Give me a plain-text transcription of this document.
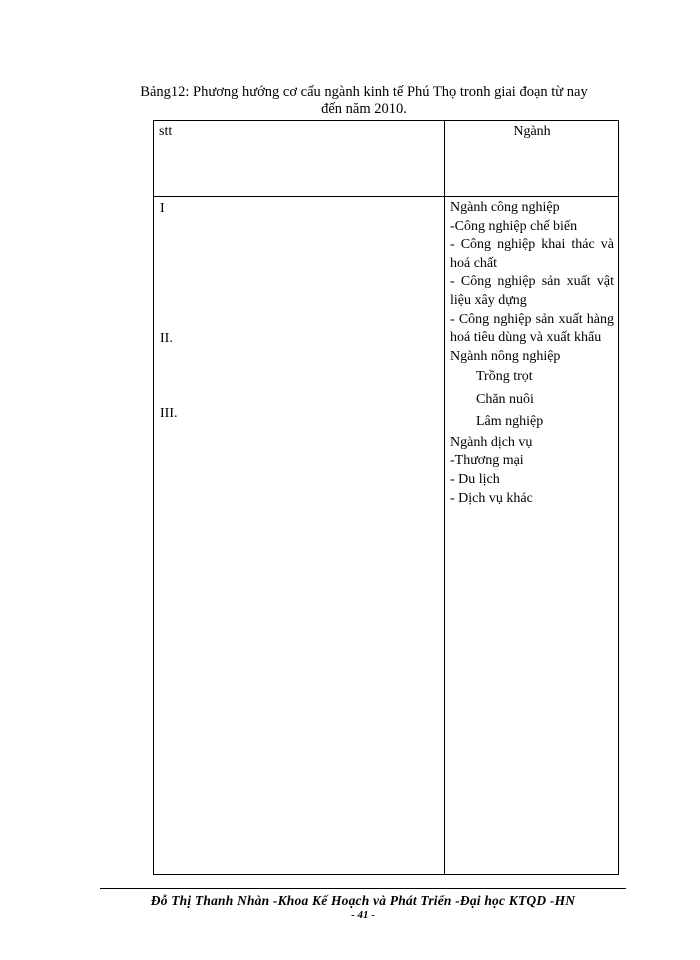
Bảng12: Phương hướng cơ cấu ngành kinh tế Phú Thọ tronh giai đoạn từ nay
đến năm 2010.
stt	Ngành
I
II.
III.
Ngành công nghiệp
-Công nghiệp chế biến
- Công nghiệp khai thác và hoá chất
- Công nghiệp sản xuất vật liệu xây dựng
- Công nghiệp sản xuất hàng hoá tiêu dùng và xuất khẩu
Ngành nông nghiệp
Trồng trọt
Chăn nuôi
Lâm nghiệp
Ngành dịch vụ
-Thương mại
- Du lịch
- Dịch vụ khác
Đỗ Thị Thanh Nhàn -Khoa Kế Hoạch và Phát Triển -Đại học KTQD -HN
- 41 -
